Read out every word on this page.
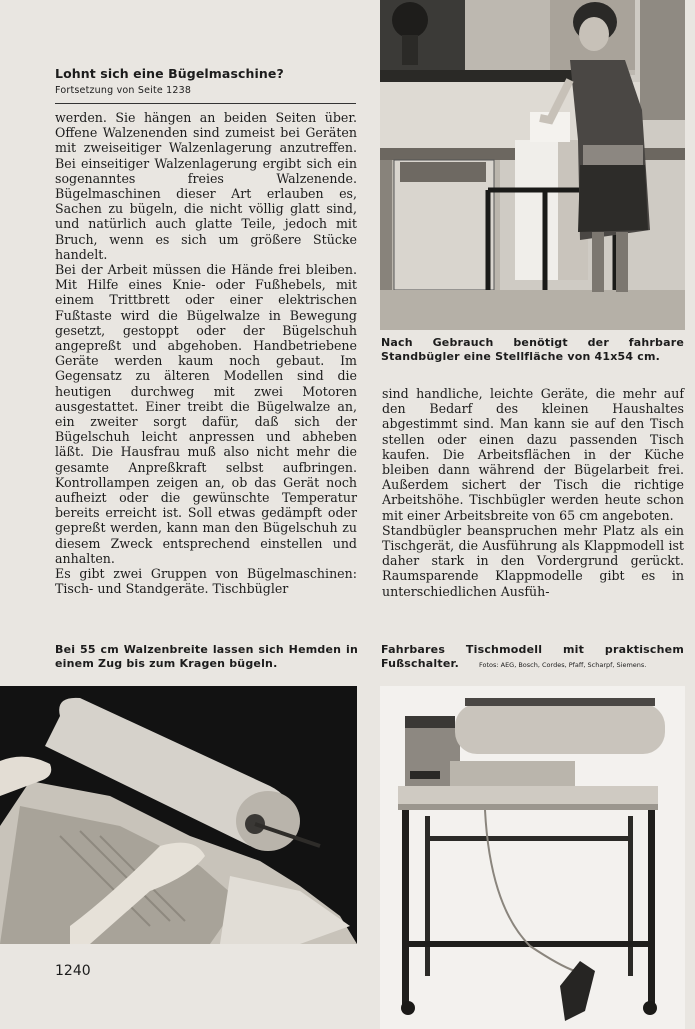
Lohnt sich eine Bügelmaschine?
Fortsetzung von Seite 1238

werden. Sie hängen an beiden Seiten über. Offene Walzenenden sind zumeist bei Geräten mit zweiseitiger Walzenlagerung anzutreffen. Bei einseitiger Walzenlagerung ergibt sich ein sogenanntes freies Walzenende. Bügelmaschinen dieser Art erlauben es, Sachen zu bügeln, die nicht völlig glatt sind, und natürlich auch glatte Teile, jedoch mit Bruch, wenn es sich um größere Stücke handelt.

Bei der Arbeit müssen die Hände frei bleiben. Mit Hilfe eines Knie- oder Fußhebels, mit einem Trittbrett oder einer elektrischen Fußtaste wird die Bügelwalze in Bewegung gesetzt, gestoppt oder der Bügelschuh angepreßt und abgehoben. Handbetriebene Geräte werden kaum noch gebaut. Im Gegensatz zu älteren Modellen sind die heutigen durchweg mit zwei Motoren ausgestattet. Einer treibt die Bügelwalze an, ein zweiter sorgt dafür, daß sich der Bügelschuh leicht anpressen und abheben läßt. Die Hausfrau muß also nicht mehr die gesamte Anpreßkraft selbst aufbringen. Kontrollampen zeigen an, ob das Gerät noch aufheizt oder die gewünschte Temperatur bereits erreicht ist. Soll etwas gedämpft oder gepreßt werden, kann man den Bügelschuh zu diesem Zweck entsprechend einstellen und anhalten.

Es gibt zwei Gruppen von Bügelmaschinen: Tisch- und Standgeräte. Tischbügler

Nach Gebrauch benötigt der fahrbare Standbügler eine Stellfläche von 41x54 cm.

sind handliche, leichte Geräte, die mehr auf den Bedarf des kleinen Haushaltes abgestimmt sind. Man kann sie auf den Tisch stellen oder einen dazu passenden Tisch kaufen. Die Arbeitsflächen in der Küche bleiben dann während der Bügelarbeit frei. Außerdem sichert der Tisch die richtige Arbeitshöhe. Tischbügler werden heute schon mit einer Arbeitsbreite von 65 cm angeboten.

Standbügler beanspruchen mehr Platz als ein Tischgerät, die Ausführung als Klappmodell ist daher stark in den Vordergrund gerückt. Raumsparende Klappmodelle gibt es in unterschiedlichen Ausfüh-

Bei 55 cm Walzenbreite lassen sich Hemden in einem Zug bis zum Kragen bügeln.
Fahrbares Tischmodell mit praktischem Fußschalter.	Fotos: AEG, Bosch, Cordes, Pfaff, Scharpf, Siemens.
1240
